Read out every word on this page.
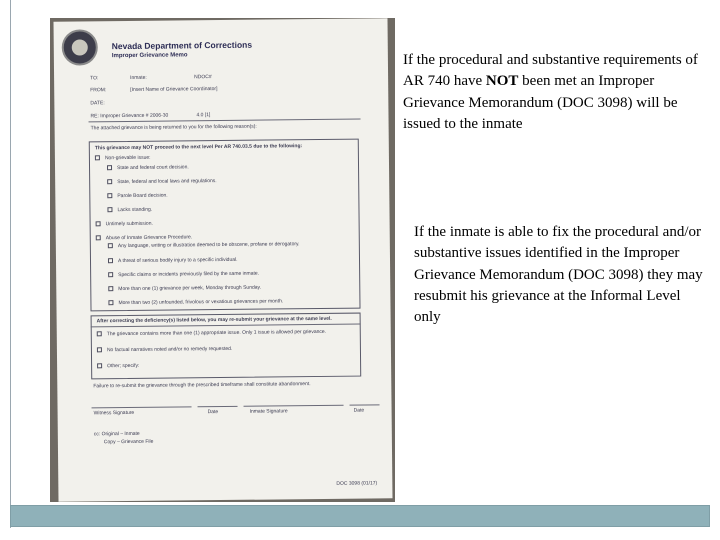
Nevada Department of Corrections
Improper Grievance Memo
TO:	Inmate:	NDOC#
FROM:	[Insert Name of Grievance Coordinator]
DATE:
RE: Improper Grievance # 2006-30	4.0 [1]
The attached grievance is being returned to you for the following reason(s):
This grievance may NOT proceed to the next level Per AR 740.03.5 due to the following:
Non-grievable issue:
State and federal court decision.
State, federal and local laws and regulations.
Parole Board decision.
Lacks standing.
Untimely submission.
Abuse of Inmate Grievance Procedure.
Any language, writing or illustration deemed to be obscene, profane or derogatory.
A threat of serious bodily injury to a specific individual.
Specific claims or incidents previously filed by the same inmate.
More than one (1) grievance per week, Monday through Sunday.
More than two (2) unfounded, frivolous or vexatious grievances per month.
After correcting the deficiency(s) listed below, you may re-submit your grievance at the same level.
The grievance contains more than one (1) appropriate issue. Only 1 issue is allowed per grievance.
No factual narratives noted and/or no remedy requested.
Other; specify:
Failure to re-submit the grievance through the prescribed timeframe shall constitute abandonment.
Witness Signature	Date	Inmate Signature	Date
cc: Original – Inmate
Copy – Grievance File
DOC 3098 (01/17)
If the procedural and substantive requirements of AR 740 have NOT been met an Improper Grievance Memorandum (DOC 3098) will be issued to the inmate
If the inmate is able to fix the procedural and/or substantive issues identified in the Improper Grievance Memorandum (DOC 3098) they may resubmit his grievance at the Informal Level only
